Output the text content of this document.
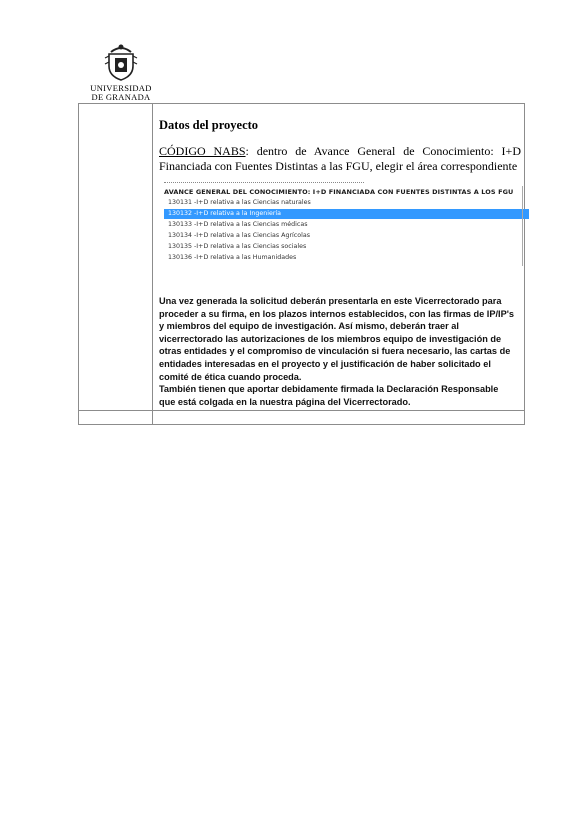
UNIVERSIDAD
DE GRANADA
Datos del proyecto
CÓDIGO NABS: dentro de Avance General de Conocimiento: I+D Financiada con Fuentes Distintas a las FGU, elegir el área correspondiente
AVANCE GENERAL DEL CONOCIMIENTO: I+D FINANCIADA CON FUENTES DISTINTAS A LOS FGU
130131 -I+D relativa a las Ciencias naturales
130132 -I+D relativa a la Ingeniería
130133 -I+D relativa a las Ciencias médicas
130134 -I+D relativa a las Ciencias Agrícolas
130135 -I+D relativa a las Ciencias sociales
130136 -I+D relativa a las Humanidades

Una vez generada la solicitud deberán presentarla en este Vicerrectorado para proceder a su firma, en los plazos internos establecidos, con las firmas de IP/IP's y miembros del equipo de investigación. Así mismo, deberán traer al vicerrectorado las autorizaciones de los miembros equipo de investigación de otras entidades y el compromiso de vinculación si fuera necesario, las cartas de entidades interesadas en el proyecto y el justificación de haber solicitado el comité de ética cuando proceda.

También tienen que aportar debidamente firmada la Declaración Responsable que está colgada en la nuestra página del Vicerrectorado.
